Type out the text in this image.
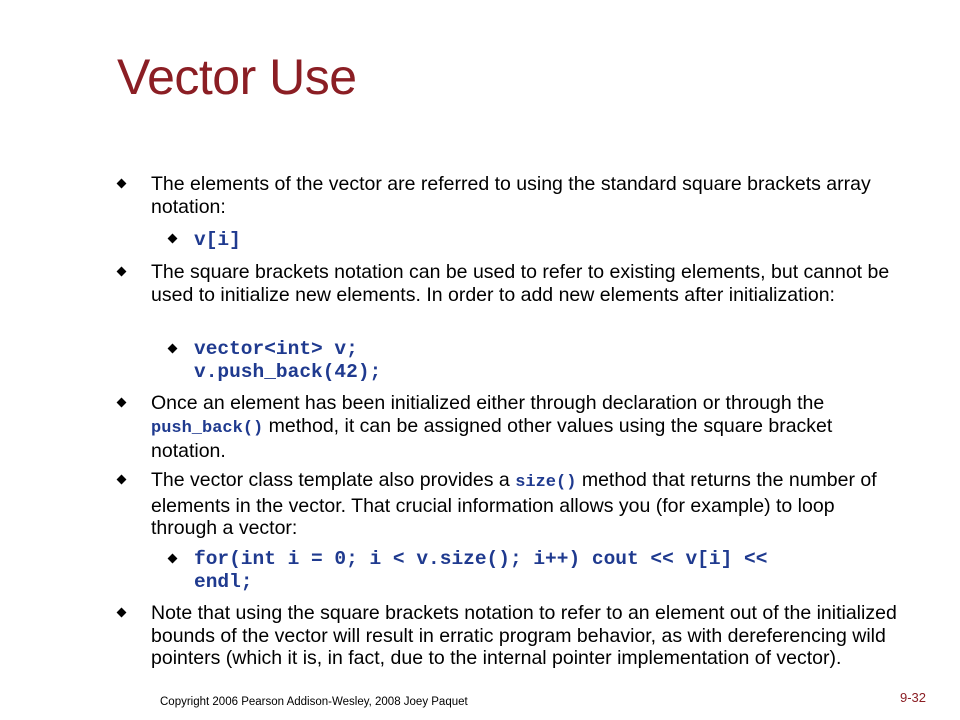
Vector Use
The elements of the vector are referred to using the standard square brackets array notation:
v[i]
The square brackets notation can be used to refer to existing elements, but cannot be used to initialize new elements. In order to add new elements after initialization:
vector<int> v;
v.push_back(42);
Once an element has been initialized either through declaration or through the push_back() method, it can be assigned other values using the square bracket notation.
The vector class template also provides a size() method that returns the number of elements in the vector. That crucial information allows you (for example) to loop through a vector:
for(int i = 0; i < v.size(); i++) cout << v[i] <<
endl;
Note that using the square brackets notation to refer to an element out of the initialized bounds of the vector will result in erratic program behavior, as with dereferencing wild pointers (which it is, in fact, due to the internal pointer implementation of vector).
Copyright 2006 Pearson Addison-Wesley, 2008 Joey Paquet	9-32
